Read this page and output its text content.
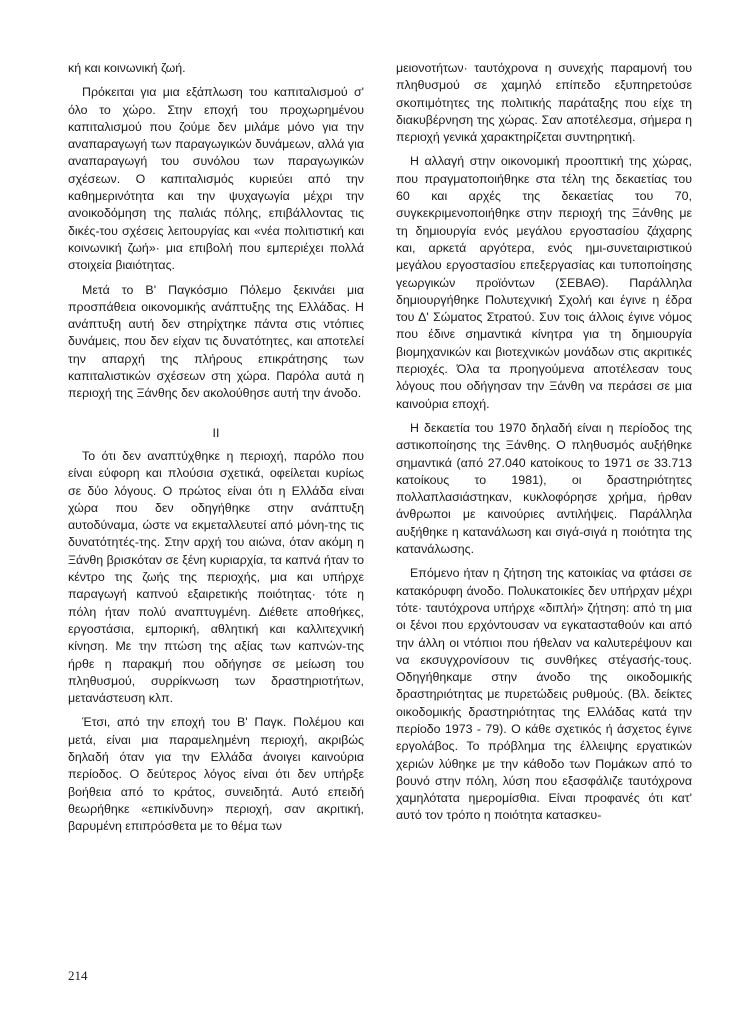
κή και κοινωνική ζωή.

Πρόκειται για μια εξάπλωση του καπιταλισμού σ' όλο το χώρο. Στην εποχή του προχωρημένου καπιταλισμού που ζούμε δεν μιλάμε μόνο για την αναπαραγωγή των παραγωγικών δυνάμεων, αλλά για αναπαραγωγή του συνόλου των παραγωγικών σχέσεων. Ο καπιταλισμός κυριεύει από την καθημερινότητα και την ψυχαγωγία μέχρι την ανοικοδόμηση της παλιάς πόλης, επιβάλλοντας τις δικές-του σχέσεις λειτουργίας και «νέα πολιτιστική και κοινωνική ζωή»· μια επιβολή που εμπεριέχει πολλά στοιχεία βιαιότητας.

Μετά το Β' Παγκόσμιο Πόλεμο ξεκινάει μια προσπάθεια οικονομικής ανάπτυξης της Ελλάδας. Η ανάπτυξη αυτή δεν στηρίχτηκε πάντα στις ντόπιες δυνάμεις, που δεν είχαν τις δυνατότητες, και αποτελεί την απαρχή της πλήρους επικράτησης των καπιταλιστικών σχέσεων στη χώρα. Παρόλα αυτά η περιοχή της Ξάνθης δεν ακολούθησε αυτή την άνοδο.

ΙΙ

Το ότι δεν αναπτύχθηκε η περιοχή, παρόλο που είναι εύφορη και πλούσια σχετικά, οφείλεται κυρίως σε δύο λόγους. Ο πρώτος είναι ότι η Ελλάδα είναι χώρα που δεν οδηγήθηκε στην ανάπτυξη αυτοδύναμα, ώστε να εκμεταλλευτεί από μόνη-της τις δυνατότητές-της. Στην αρχή του αιώνα, όταν ακόμη η Ξάνθη βρισκόταν σε ξένη κυριαρχία, τα καπνά ήταν το κέντρο της ζωής της περιοχής, μια και υπήρχε παραγωγή καπνού εξαιρετικής ποιότητας· τότε η πόλη ήταν πολύ αναπτυγμένη. Διέθετε αποθήκες, εργοστάσια, εμπορική, αθλητική και καλλιτεχνική κίνηση. Με την πτώση της αξίας των καπνών-της ήρθε η παρακμή που οδήγησε σε μείωση του πληθυσμού, συρρίκνωση των δραστηριοτήτων, μετανάστευση κλπ.

Έτσι, από την εποχή του Β' Παγκ. Πολέμου και μετά, είναι μια παραμελημένη περιοχή, ακριβώς δηλαδή όταν για την Ελλάδα άνοιγει καινούρια περίοδος. Ο δεύτερος λόγος είναι ότι δεν υπήρξε βοήθεια από το κράτος, συνειδητά. Αυτό επειδή θεωρήθηκε «επικίνδυνη» περιοχή, σαν ακριτική, βαρυμένη επιπρόσθετα με το θέμα των

μειονοτήτων· ταυτόχρονα η συνεχής παραμονή του πληθυσμού σε χαμηλό επίπεδο εξυπηρετούσε σκοπιμότητες της πολιτικής παράταξης που είχε τη διακυβέρνηση της χώρας. Σαν αποτέλεσμα, σήμερα η περιοχή γενικά χαρακτηρίζεται συντηρητική.

Η αλλαγή στην οικονομική προοπτική της χώρας, που πραγματοποιήθηκε στα τέλη της δεκαετίας του 60 και αρχές της δεκαετίας του 70, συγκεκριμενοποιήθηκε στην περιοχή της Ξάνθης με τη δημιουργία ενός μεγάλου εργοστασίου ζάχαρης και, αρκετά αργότερα, ενός ημι-συνεταιριστικού μεγάλου εργοστασίου επεξεργασίας και τυποποίησης γεωργικών προϊόντων (ΣΕΒΑΘ). Παράλληλα δημιουργήθηκε Πολυτεχνική Σχολή και έγινε η έδρα του Δ' Σώματος Στρατού. Συν τοις άλλοις έγινε νόμος που έδινε σημαντικά κίνητρα για τη δημιουργία βιομηχανικών και βιοτεχνικών μονάδων στις ακριτικές περιοχές. Όλα τα προηγούμενα αποτέλεσαν τους λόγους που οδήγησαν την Ξάνθη να περάσει σε μια καινούρια εποχή.

Η δεκαετία του 1970 δηλαδή είναι η περίοδος της αστικοποίησης της Ξάνθης. Ο πληθυσμός αυξήθηκε σημαντικά (από 27.040 κατοίκους το 1971 σε 33.713 κατοίκους το 1981), οι δραστηριότητες πολλαπλασιάστηκαν, κυκλοφόρησε χρήμα, ήρθαν άνθρωποι με καινούριες αντιλήψεις. Παράλληλα αυξήθηκε η κατανάλωση και σιγά-σιγά η ποιότητα της κατανάλωσης.

Επόμενο ήταν η ζήτηση της κατοικίας να φτάσει σε κατακόρυφη άνοδο. Πολυκατοικίες δεν υπήρχαν μέχρι τότε· ταυτόχρονα υπήρχε «διπλή» ζήτηση: από τη μια οι ξένοι που ερχόντουσαν να εγκατασταθούν και από την άλλη οι ντόπιοι που ήθελαν να καλυτερέψουν και να εκσυγχρονίσουν τις συνθήκες στέγασής-τους. Οδηγήθηκαμε στην άνοδο της οικοδομικής δραστηριότητας με πυρετώδεις ρυθμούς. (Βλ. δείκτες οικοδομικής δραστηριότητας της Ελλάδας κατά την περίοδο 1973 - 79). Ο κάθε σχετικός ή άσχετος έγινε εργολάβος. Το πρόβλημα της έλλειψης εργατικών χεριών λύθηκε με την κάθοδο των Πομάκων από το βουνό στην πόλη, λύση που εξασφάλιζε ταυτόχρονα χαμηλότατα ημερομίσθια. Είναι προφανές ότι κατ' αυτό τον τρόπο η ποιότητα κατασκευ-

214
